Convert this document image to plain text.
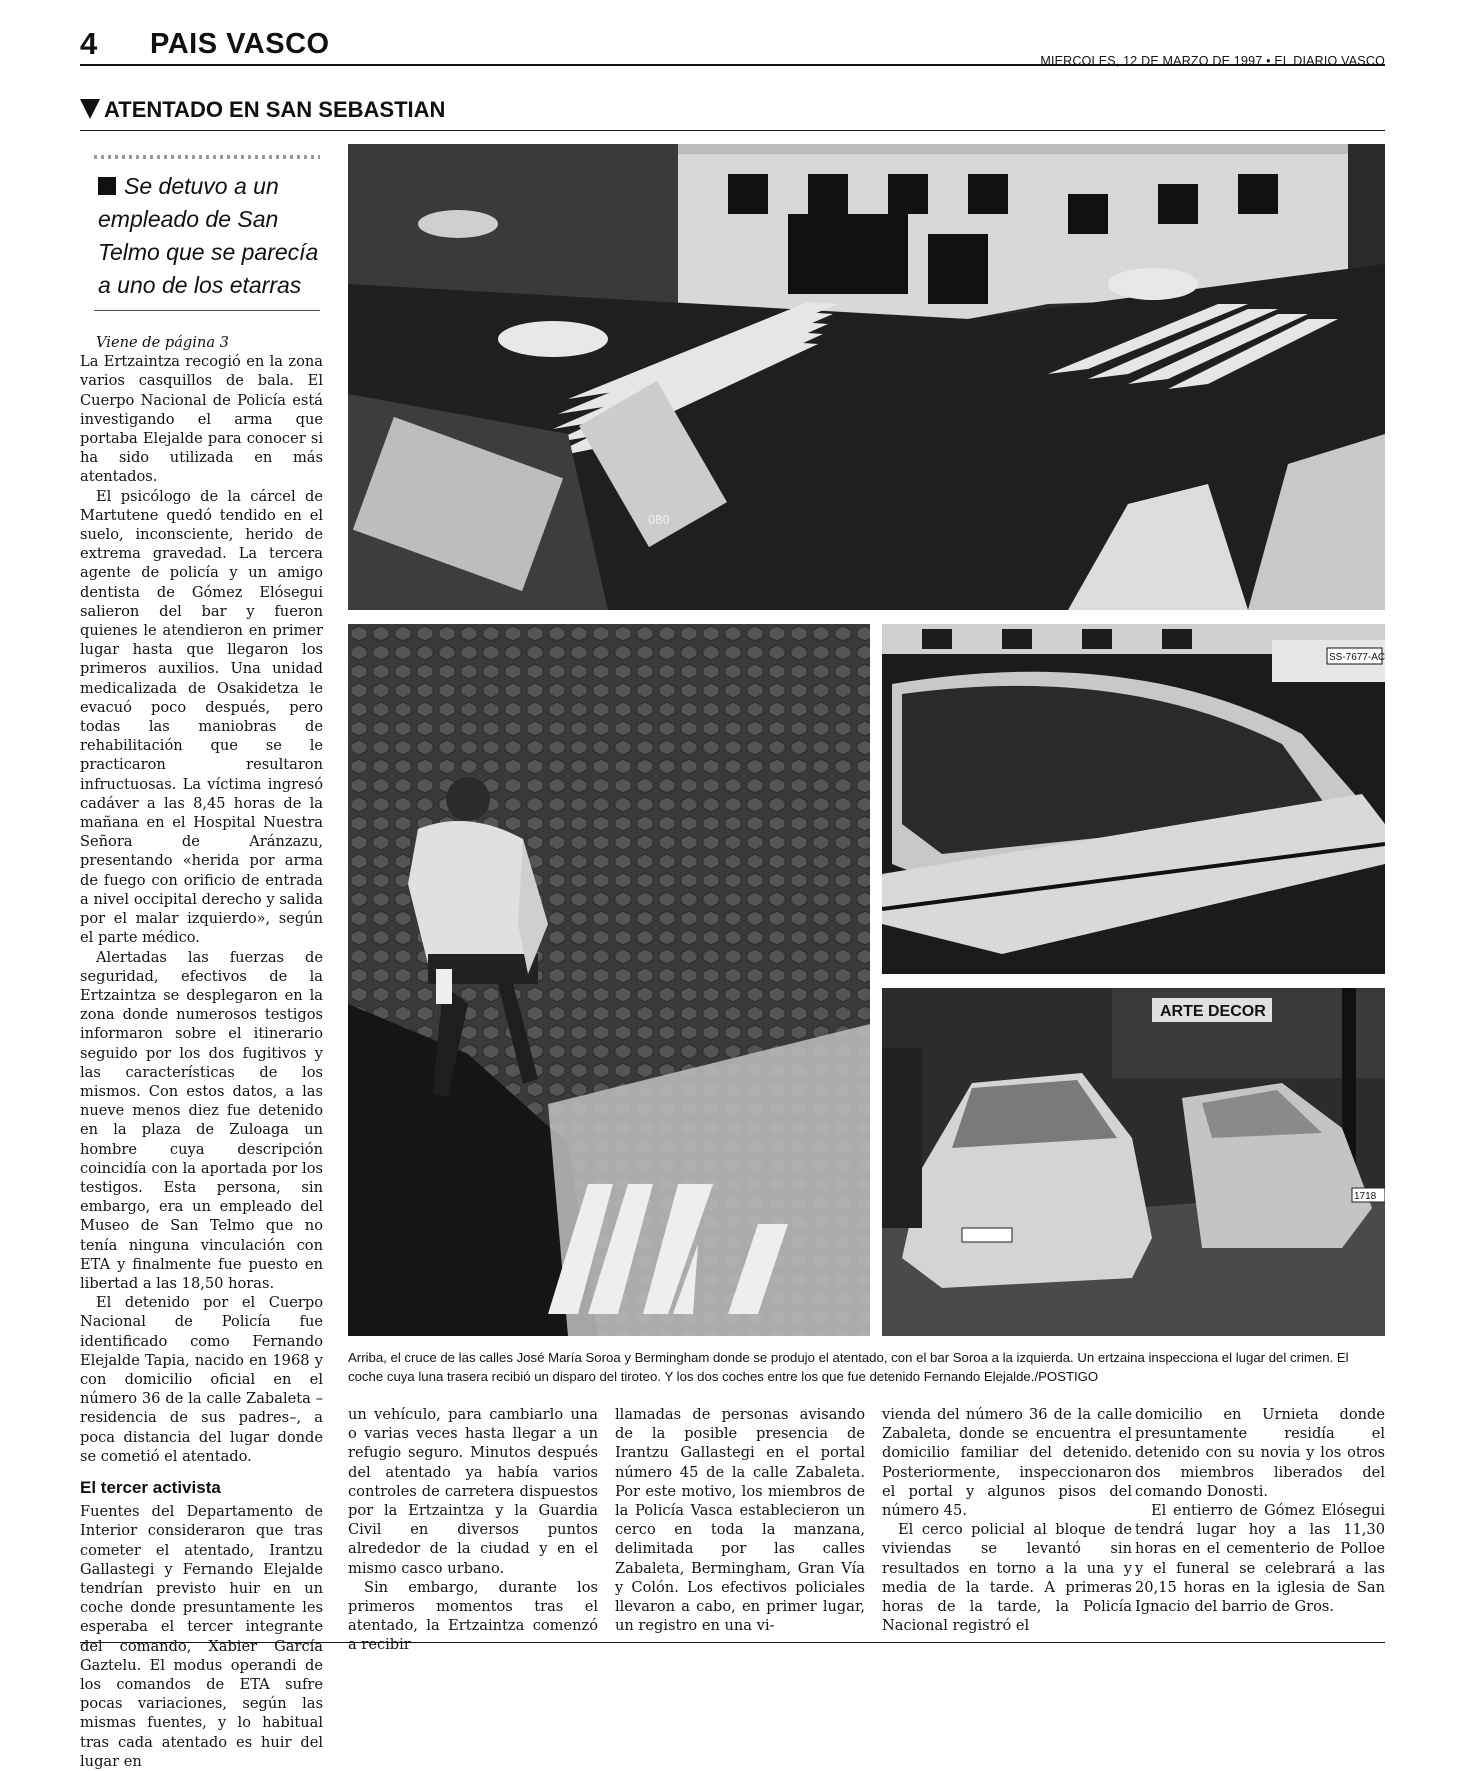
4 PAIS VASCO
MIERCOLES, 12 DE MARZO DE 1997 • EL DIARIO VASCO
ATENTADO EN SAN SEBASTIAN
Se detuvo a un empleado de San Telmo que se parecía a uno de los etarras

Viene de página 3

La Ertzaintza recogió en la zona varios casquillos de bala. El Cuerpo Nacional de Policía está investigando el arma que portaba Elejalde para conocer si ha sido utilizada en más atentados.

El psicólogo de la cárcel de Martutene quedó tendido en el suelo, inconsciente, herido de extrema gravedad. La tercera agente de policía y un amigo dentista de Gómez Elósegui salieron del bar y fueron quienes le atendieron en primer lugar hasta que llegaron los primeros auxilios. Una unidad medicalizada de Osakidetza le evacuó poco después, pero todas las maniobras de rehabilitación que se le practicaron resultaron infructuosas. La víctima ingresó cadáver a las 8,45 horas de la mañana en el Hospital Nuestra Señora de Aránzazu, presentando «herida por arma de fuego con orificio de entrada a nivel occipital derecho y salida por el malar izquierdo», según el parte médico.

Alertadas las fuerzas de seguridad, efectivos de la Ertzaintza se desplegaron en la zona donde numerosos testigos informaron sobre el itinerario seguido por los dos fugitivos y las características de los mismos. Con estos datos, a las nueve menos diez fue detenido en la plaza de Zuloaga un hombre cuya descripción coincidía con la aportada por los testigos. Esta persona, sin embargo, era un empleado del Museo de San Telmo que no tenía ninguna vinculación con ETA y finalmente fue puesto en libertad a las 18,50 horas.

El detenido por el Cuerpo Nacional de Policía fue identificado como Fernando Elejalde Tapia, nacido en 1968 y con domicilio oficial en el número 36 de la calle Zabaleta –residencia de sus padres–, a poca distancia del lugar donde se cometió el atentado.

El tercer activista

Fuentes del Departamento de Interior consideraron que tras cometer el atentado, Irantzu Gallastegi y Fernando Elejalde tendrían previsto huir en un coche donde presuntamente les esperaba el tercer integrante del comando, Xabier García Gaztelu. El modus operandi de los comandos de ETA sufre pocas variaciones, según las mismas fuentes, y lo habitual tras cada atentado es huir del lugar en

OBO
SS-7677-AC
ARTE DECOR
1718
Arriba, el cruce de las calles José María Soroa y Bermingham donde se produjo el atentado, con el bar Soroa a la izquierda. Un ertzaina inspecciona el lugar del crimen. El coche cuya luna trasera recibió un disparo del tiroteo. Y los dos coches entre los que fue detenido Fernando Elejalde./POSTIGO

un vehículo, para cambiarlo una o varias veces hasta llegar a un refugio seguro. Minutos después del atentado ya había varios controles de carretera dispuestos por la Ertzaintza y la Guardia Civil en diversos puntos alrededor de la ciudad y en el mismo casco urbano.

Sin embargo, durante los primeros momentos tras el atentado, la Ertzaintza comenzó a recibir

llamadas de personas avisando de la posible presencia de Irantzu Gallastegi en el portal número 45 de la calle Zabaleta. Por este motivo, los miembros de la Policía Vasca establecieron un cerco en toda la manzana, delimitada por las calles Zabaleta, Bermingham, Gran Vía y Colón. Los efectivos policiales llevaron a cabo, en primer lugar, un registro en una vi-

vienda del número 36 de la calle Zabaleta, donde se encuentra el domicilio familiar del detenido. Posteriormente, inspeccionaron el portal y algunos pisos del número 45.

El cerco policial al bloque de viviendas se levantó sin resultados en torno a la una y media de la tarde. A primeras horas de la tarde, la Policía Nacional registró el

domicilio en Urnieta donde presuntamente residía el detenido con su novia y los otros dos miembros liberados del comando Donosti.

El entierro de Gómez Elósegui tendrá lugar hoy a las 11,30 horas en el cementerio de Polloe y el funeral se celebrará a las 20,15 horas en la iglesia de San Ignacio del barrio de Gros.
